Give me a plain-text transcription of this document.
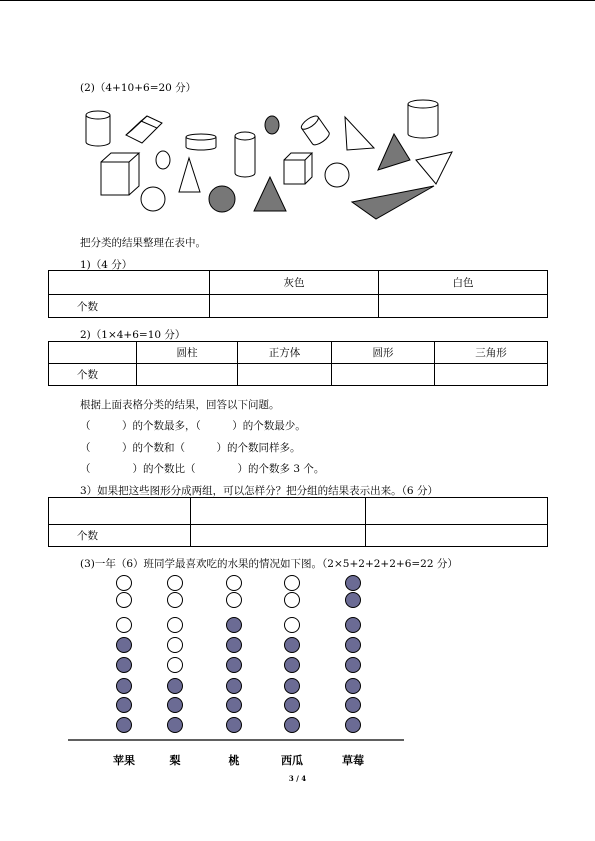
(2)（4+10+6=20 分）
把分类的结果整理在表中。
1)（4 分）
	灰色	白色
个数		
2)（1×4+6=10 分）
	圆柱	正方体	圆形	三角形
个数				
根据上面表格分类的结果，回答以下问题。
（　　　）的个数最多，（　　　）的个数最少。
（　　　）的个数和（　　　）的个数同样多。
（　　　　）的个数比（　　　　）的个数多 3 个。
3）如果把这些图形分成两组，可以怎样分？把分组的结果表示出来。（6 分）

个数		
(3)一年（6）班同学最喜欢吃的水果的情况如下图。（2×5+2+2+2+6=22 分）
苹果	梨	桃	西瓜	草莓
3 / 4
